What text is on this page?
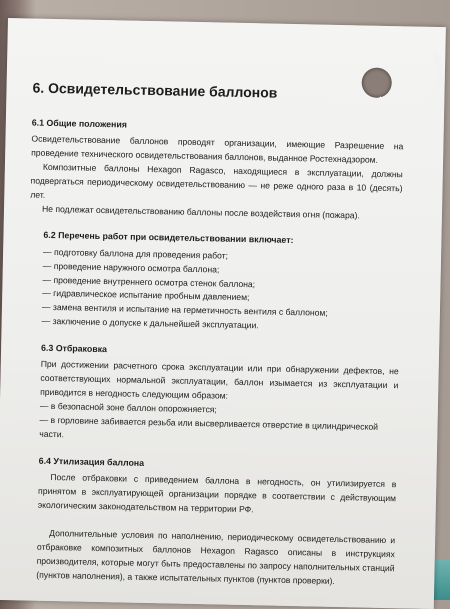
6. Освидетельствование баллонов
6.1 Общие положения

Освидетельствование баллонов проводят организации, имеющие Разрешение на проведение технического освидетельствования баллонов, выданное Ростехнадзором.

Композитные баллоны Hexagon Ragasco, находящиеся в эксплуатации, должны подвергаться периодическому освидетельствованию — не реже одного раза в 10 (десять) лет.

Не подлежат освидетельствованию баллоны после воздействия огня (пожара).

6.2 Перечень работ при освидетельствовании включает:
— подготовку баллона для проведения работ;
— проведение наружного осмотра баллона;
— проведение внутреннего осмотра стенок баллона;
— гидравлическое испытание пробным давлением;
— замена вентиля и испытание на герметичность вентиля с баллоном;
— заключение о допуске к дальнейшей эксплуатации.
6.3 Отбраковка

При достижении расчетного срока эксплуатации или при обнаружении дефектов, не соответствующих нормальной эксплуатации, баллон изымается из эксплуатации и приводится в негодность следующим образом:

— в безопасной зоне баллон опорожняется;
— в горловине забивается резьба или высверливается отверстие в цилиндрической части.
6.4 Утилизация баллона

После отбраковки с приведением баллона в негодность, он утилизируется в принятом в эксплуатирующей организации порядке в соответствии с действующим экологическим законодательством на территории РФ.

Дополнительные условия по наполнению, периодическому освидетельствованию и отбраковке композитных баллонов Hexagon Ragasco описаны в инструкциях производителя, которые могут быть предоставлены по запросу наполнительных станций (пунктов наполнения), а также испытательных пунктов (пунктов проверки).
